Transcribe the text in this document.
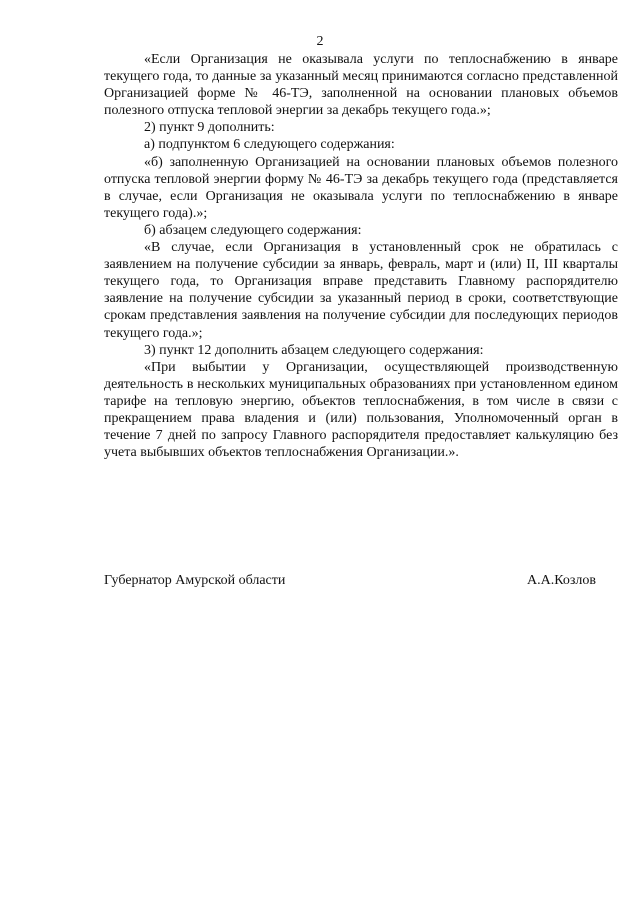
2

«Если Организация не оказывала услуги по теплоснабжению в январе текущего года, то данные за указанный месяц принимаются согласно представленной Организацией форме № 46-ТЭ, заполненной на основании плановых объемов полезного отпуска тепловой энергии за декабрь текущего года.»;

2) пункт 9 дополнить:

а) подпунктом 6 следующего содержания:

«б) заполненную Организацией на основании плановых объемов полезного отпуска тепловой энергии форму № 46-ТЭ за декабрь текущего года (представляется в случае, если Организация не оказывала услуги по теплоснабжению в январе текущего года).»;

б) абзацем следующего содержания:

«В случае, если Организация в установленный срок не обратилась с заявлением на получение субсидии за январь, февраль, март и (или) II, III кварталы текущего года, то Организация вправе представить Главному распорядителю заявление на получение субсидии за указанный период в сроки, соответствующие срокам представления заявления на получение субсидии для последующих периодов текущего года.»;

3) пункт 12 дополнить абзацем следующего содержания:

«При выбытии у Организации, осуществляющей производственную деятельность в нескольких муниципальных образованиях при установленном едином тарифе на тепловую энергию, объектов теплоснабжения, в том числе в связи с прекращением права владения и (или) пользования, Уполномоченный орган в течение 7 дней по запросу Главного распорядителя предоставляет калькуляцию без учета выбывших объектов теплоснабжения Организации.».

Губернатор Амурской области	А.А.Козлов
